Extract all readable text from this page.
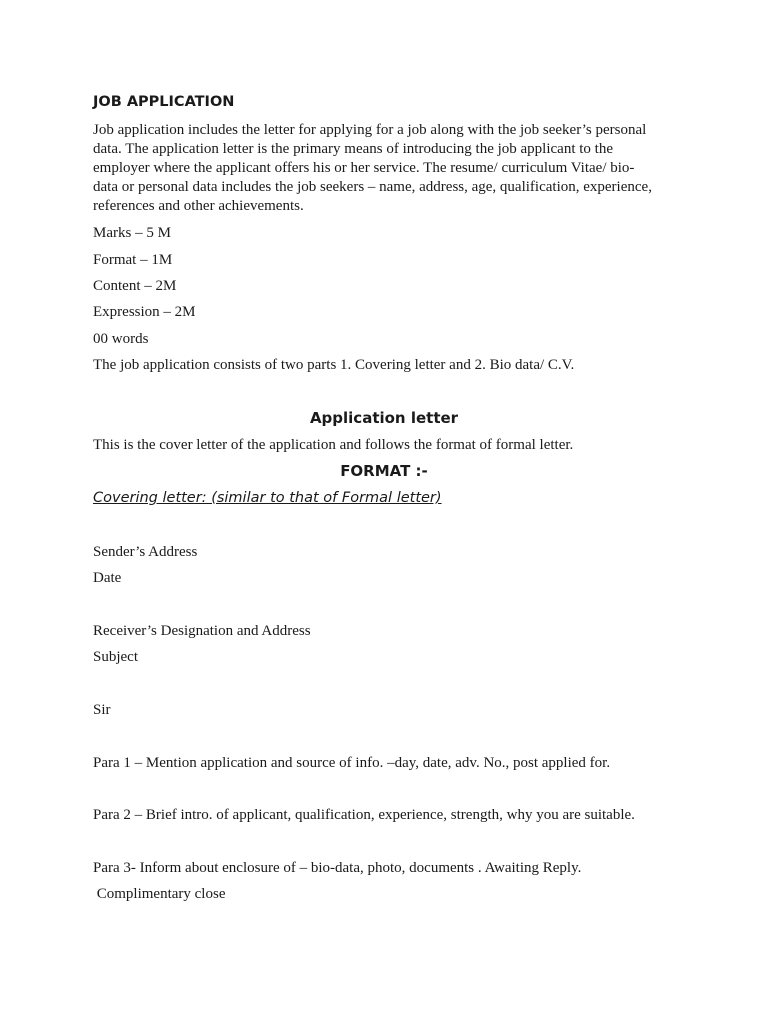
JOB APPLICATION
Job application includes the letter for applying for a job along with the job seeker’s personal
data. The application letter is the primary means of introducing the job applicant to the
employer where the applicant offers his or her service. The resume/ curriculum Vitae/ bio-
data or personal data includes the job seekers – name, address, age, qualification, experience,
references and other achievements.
Marks – 5 M
Format – 1M
Content – 2M
Expression – 2M
00 words
The job application consists of two parts 1. Covering letter and 2. Bio data/ C.V.
Application letter
This is the cover letter of the application and follows the format of formal letter.
FORMAT :-
Covering letter: (similar to that of Formal letter)
Sender’s Address
Date
Receiver’s Designation and Address
Subject
Sir
Para 1 – Mention application and source of info. –day, date, adv. No., post applied for.
Para 2 – Brief intro. of applicant, qualification, experience, strength, why you are suitable.
Para 3- Inform about enclosure of – bio-data, photo, documents . Awaiting Reply.
Complimentary close
